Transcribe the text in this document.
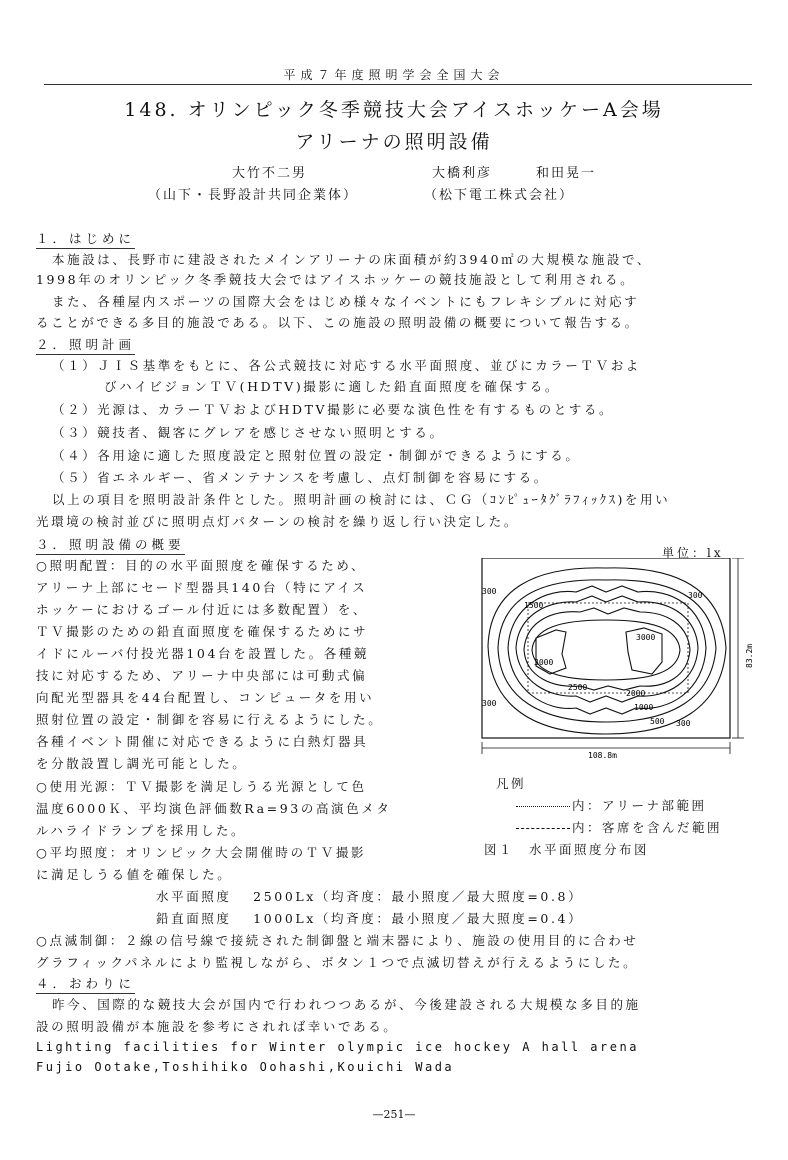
平成７年度照明学会全国大会
148. オリンピック冬季競技大会アイスホッケーA会場
アリーナの照明設備
大竹不二男	大橋利彦	和田晃一
（山下・長野設計共同企業体）	（松下電工株式会社）
１．はじめに
本施設は、長野市に建設されたメインアリーナの床面積が約3940㎡の大規模な施設で、
1998年のオリンピック冬季競技大会ではアイスホッケーの競技施設として利用される。
また、各種屋内スポーツの国際大会をはじめ様々なイベントにもフレキシブルに対応す
ることができる多目的施設である。以下、この施設の照明設備の概要について報告する。
２．照明計画
（１）ＪＩＳ基準をもとに、各公式競技に対応する水平面照度、並びにカラーＴＶおよ
びハイビジョンＴＶ(HDTV)撮影に適した鉛直面照度を確保する。
（２）光源は、カラーＴＶおよびHDTV撮影に必要な演色性を有するものとする。
（３）競技者、観客にグレアを感じさせない照明とする。
（４）各用途に適した照度設定と照射位置の設定・制御ができるようにする。
（５）省エネルギー、省メンテナンスを考慮し、点灯制御を容易にする。
以上の項目を照明設計条件とした。照明計画の検討には、ＣＧ（ｺﾝﾋﾟｭｰﾀｸﾞﾗﾌｨｯｸｽ)を用い
光環境の検討並びに照明点灯パターンの検討を繰り返し行い決定した。
３．照明設備の概要
○照明配置：目的の水平面照度を確保するため、
アリーナ上部にセード型器具140台（特にアイス
ホッケーにおけるゴール付近には多数配置）を、
ＴＶ撮影のための鉛直面照度を確保するためにサ
イドにルーバ付投光器104台を設置した。各種競
技に対応するため、アリーナ中央部には可動式偏
向配光型器具を44台配置し、コンピュータを用い
照射位置の設定・制御を容易に行えるようにした。
各種イベント開催に対応できるように白熱灯器具
を分散設置し調光可能とした。
○使用光源：ＴＶ撮影を満足しうる光源として色
温度6000Ｋ、平均演色評価数Ra=93の高演色メタ
ルハライドランプを採用した。
○平均照度：オリンピック大会開催時のＴＶ撮影
に満足しうる値を確保した。
水平面照度　 2500Lx（均斉度：最小照度／最大照度=0.8）
鉛直面照度　 1000Lx（均斉度：最小照度／最大照度=0.4）
○点滅制御：２線の信号線で接続された制御盤と端末器により、施設の使用目的に合わせ
グラフィックパネルにより監視しながら、ボタン１つで点滅切替えが行えるようにした。
４．おわりに
昨今、国際的な競技大会が国内で行われつつあるが、今後建設される大規模な多目的施
設の照明設備が本施設を参考にされれば幸いである。
Lighting facilities for Winter olympic ice hockey A hall arena
Fujio Ootake,Toshihiko Oohashi,Kouichi Wada
単位：lx
300
1500
300
3000
3000
2500
2000
300	1000
500 300
108.8m
83.2m
凡例
内：アリーナ部範囲
内：客席を含んだ範囲
図１　水平面照度分布図
—251—
